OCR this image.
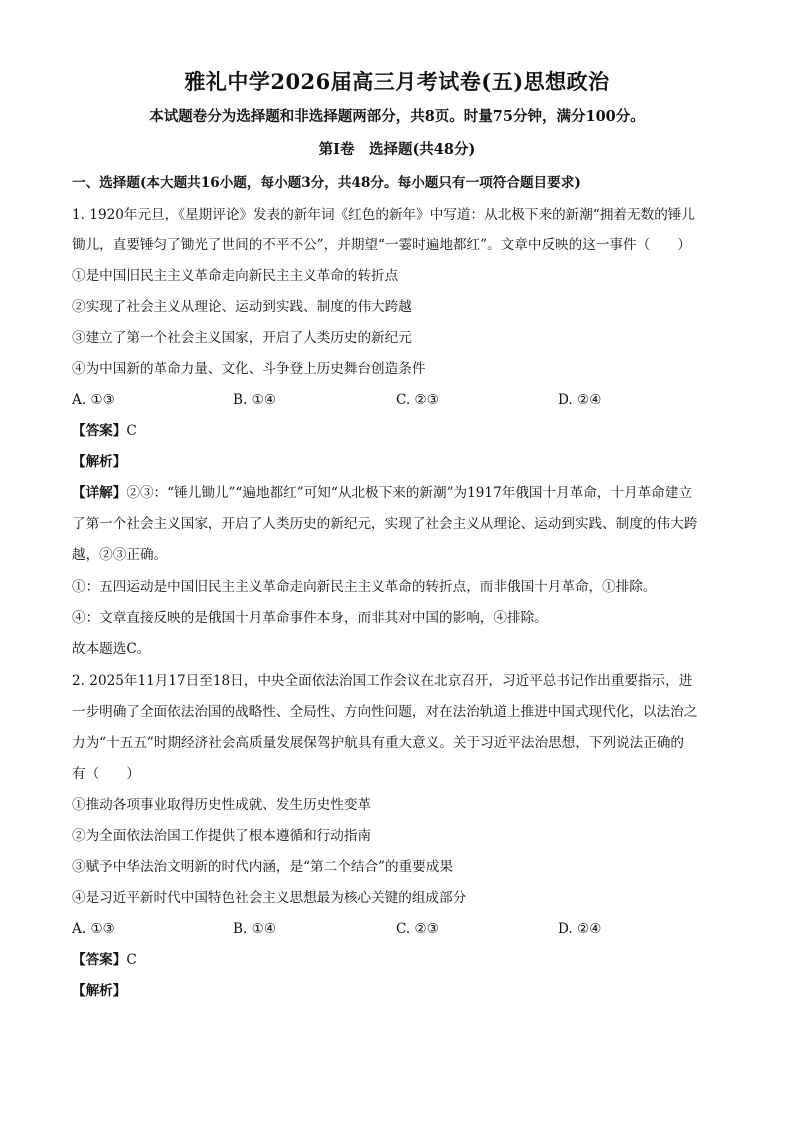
雅礼中学2026届高三月考试卷(五)思想政治
本试题卷分为选择题和非选择题两部分，共8页。时量75分钟，满分100分。
第Ⅰ卷　选择题(共48分)
一、选择题(本大题共16小题，每小题3分，共48分。每小题只有一项符合题目要求)
1. 1920年元旦，《星期评论》发表的新年词《红色的新年》中写道：从北极下来的新潮“拥着无数的锤儿
锄儿，直要锤匀了锄光了世间的不平不公”，并期望“一霎时遍地都红”。文章中反映的这一事件（　　）
①是中国旧民主主义革命走向新民主主义革命的转折点
②实现了社会主义从理论、运动到实践、制度的伟大跨越
③建立了第一个社会主义国家，开启了人类历史的新纪元
④为中国新的革命力量、文化、斗争登上历史舞台创造条件
A. ①③	B. ①④	C. ②③	D. ②④
【答案】C
【解析】
【详解】②③：“锤儿锄儿”“遍地都红”可知“从北极下来的新潮”为1917年俄国十月革命，十月革命建立
了第一个社会主义国家，开启了人类历史的新纪元，实现了社会主义从理论、运动到实践、制度的伟大跨
越，②③正确。
①：五四运动是中国旧民主主义革命走向新民主主义革命的转折点，而非俄国十月革命，①排除。
④：文章直接反映的是俄国十月革命事件本身，而非其对中国的影响，④排除。
故本题选C。
2. 2025年11月17日至18日，中央全面依法治国工作会议在北京召开，习近平总书记作出重要指示，进
一步明确了全面依法治国的战略性、全局性、方向性问题，对在法治轨道上推进中国式现代化，以法治之
力为“十五五”时期经济社会高质量发展保驾护航具有重大意义。关于习近平法治思想，下列说法正确的
有（　　）
①推动各项事业取得历史性成就、发生历史性变革
②为全面依法治国工作提供了根本遵循和行动指南
③赋予中华法治文明新的时代内涵，是“第二个结合”的重要成果
④是习近平新时代中国特色社会主义思想最为核心关键的组成部分
A. ①③	B. ①④	C. ②③	D. ②④
【答案】C
【解析】
